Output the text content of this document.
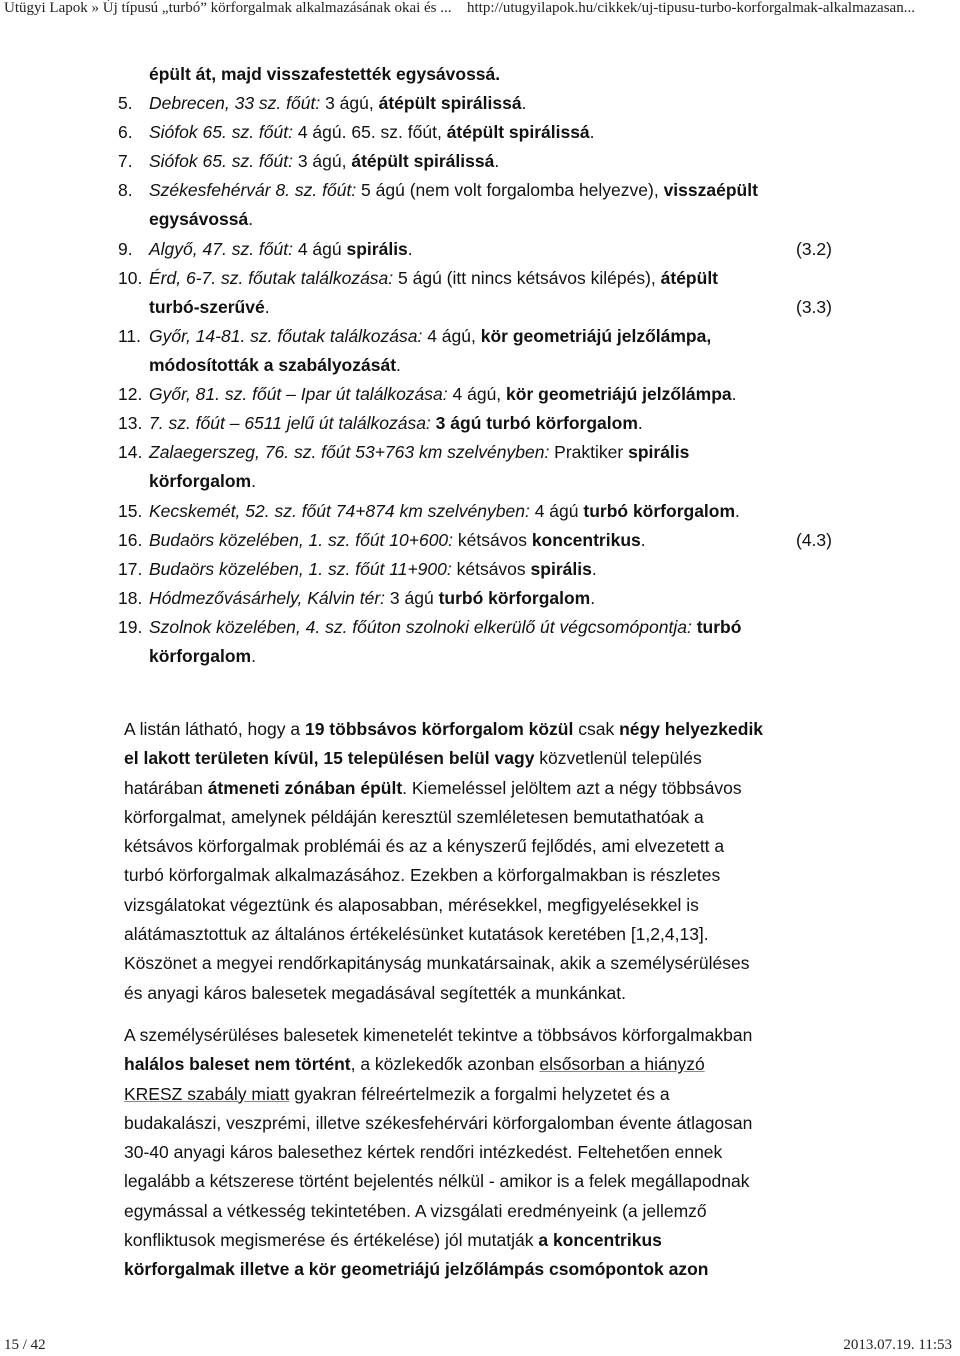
Utügyi Lapok » Új típusú „turbó” körforgalmak alkalmazásának okai és ... http://utugyilapok.hu/cikkek/uj-tipusu-turbo-korforgalmak-alkalmazasan...
épült át, majd visszafestették egysávossá.
5. Debrecen, 33 sz. főút: 3 ágú, átépült spirálissá.
6. Siófok 65. sz. főút: 4 ágú. 65. sz. főút, átépült spirálissá.
7. Siófok 65. sz. főút: 3 ágú, átépült spirálissá.
8. Székesfehérvár 8. sz. főút: 5 ágú (nem volt forgalomba helyezve), visszaépült
egysávossá.
9. Algyő, 47. sz. főút: 4 ágú spirális.	(3.2)
10. Érd, 6-7. sz. főutak találkozása: 5 ágú (itt nincs kétsávos kilépés), átépült
turbó-szerűvé.	(3.3)
11. Győr, 14-81. sz. főutak találkozása: 4 ágú, kör geometriájú jelzőlámpa,
módosították a szabályozását.
12. Győr, 81. sz. főút – Ipar út találkozása: 4 ágú, kör geometriájú jelzőlámpa.
13. 7. sz. főút – 6511 jelű út találkozása: 3 ágú turbó körforgalom.
14. Zalaegerszeg, 76. sz. főút 53+763 km szelvényben: Praktiker spirális
körforgalom.
15. Kecskemét, 52. sz. főút 74+874 km szelvényben: 4 ágú turbó körforgalom.
16. Budaörs közelében, 1. sz. főút 10+600: kétsávos koncentrikus.	(4.3)
17. Budaörs közelében, 1. sz. főút 11+900: kétsávos spirális.
18. Hódmezővásárhely, Kálvin tér: 3 ágú turbó körforgalom.
19. Szolnok közelében, 4. sz. főúton szolnoki elkerülő út végcsomópontja: turbó
körforgalom.
A listán látható, hogy a 19 többsávos körforgalom közül csak négy helyezkedik
el lakott területen kívül, 15 településen belül vagy közvetlenül település
határában átmeneti zónában épült. Kiemeléssel jelöltem azt a négy többsávos
körforgalmat, amelynek példáján keresztül szemléletesen bemutathatóak a
kétsávos körforgalmak problémái és az a kényszerű fejlődés, ami elvezetett a
turbó körforgalmak alkalmazásához. Ezekben a körforgalmakban is részletes
vizsgálatokat végeztünk és alaposabban, mérésekkel, megfigyelésekkel is
alátámasztottuk az általános értékelésünket kutatások keretében [1,2,4,13].
Köszönet a megyei rendőrkapitányság munkatársainak, akik a személysérüléses
és anyagi káros balesetek megadásával segítették a munkánkat.
A személysérüléses balesetek kimenetelét tekintve a többsávos körforgalmakban
halálos baleset nem történt, a közlekedők azonban elsősorban a hiányzó
KRESZ szabály miatt gyakran félreértelmezik a forgalmi helyzetet és a
budakalászi, veszprémi, illetve székesfehérvári körforgalomban évente átlagosan
30-40 anyagi káros balesethez kértek rendőri intézkedést. Feltehetően ennek
legalább a kétszerese történt bejelentés nélkül - amikor is a felek megállapodnak
egymással a vétkesség tekintetében. A vizsgálati eredményeink (a jellemző
konfliktusok megismerése és értékelése) jól mutatják a koncentrikus
körforgalmak illetve a kör geometriájú jelzőlámpás csomópontok azon
15 / 42	2013.07.19. 11:53
